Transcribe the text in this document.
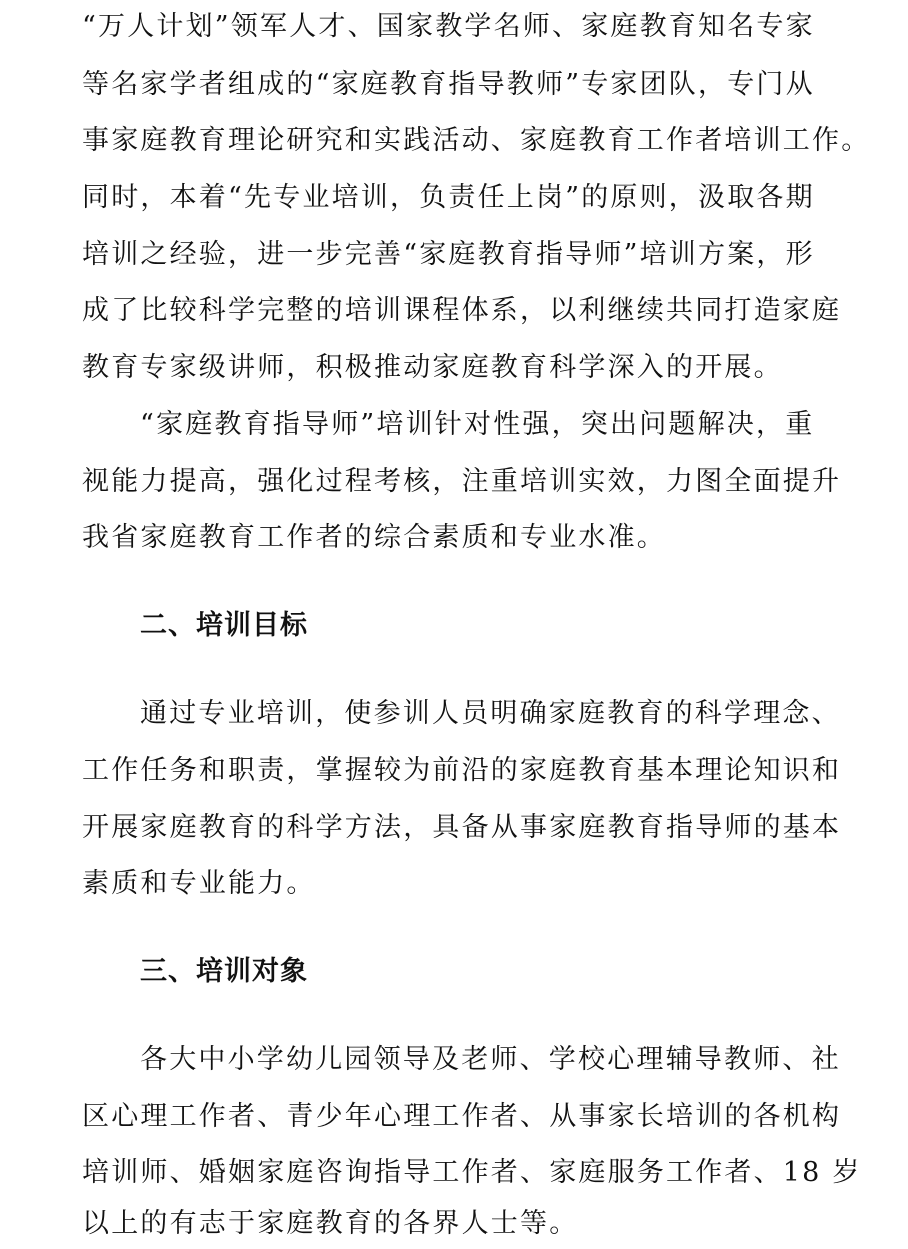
“万人计划”领军人才、国家教学名师、家庭教育知名专家
等名家学者组成的“家庭教育指导教师”专家团队，专门从
事家庭教育理论研究和实践活动、家庭教育工作者培训工作。
同时，本着“先专业培训，负责任上岗”的原则，汲取各期
培训之经验，进一步完善“家庭教育指导师”培训方案，形
成了比较科学完整的培训课程体系，以利继续共同打造家庭
教育专家级讲师，积极推动家庭教育科学深入的开展。
“家庭教育指导师”培训针对性强，突出问题解决，重
视能力提高，强化过程考核，注重培训实效，力图全面提升
我省家庭教育工作者的综合素质和专业水准。
二、培训目标
通过专业培训，使参训人员明确家庭教育的科学理念、
工作任务和职责，掌握较为前沿的家庭教育基本理论知识和
开展家庭教育的科学方法，具备从事家庭教育指导师的基本
素质和专业能力。
三、培训对象
各大中小学幼儿园领导及老师、学校心理辅导教师、社
区心理工作者、青少年心理工作者、从事家长培训的各机构
培训师、婚姻家庭咨询指导工作者、家庭服务工作者、18 岁
以上的有志于家庭教育的各界人士等。
